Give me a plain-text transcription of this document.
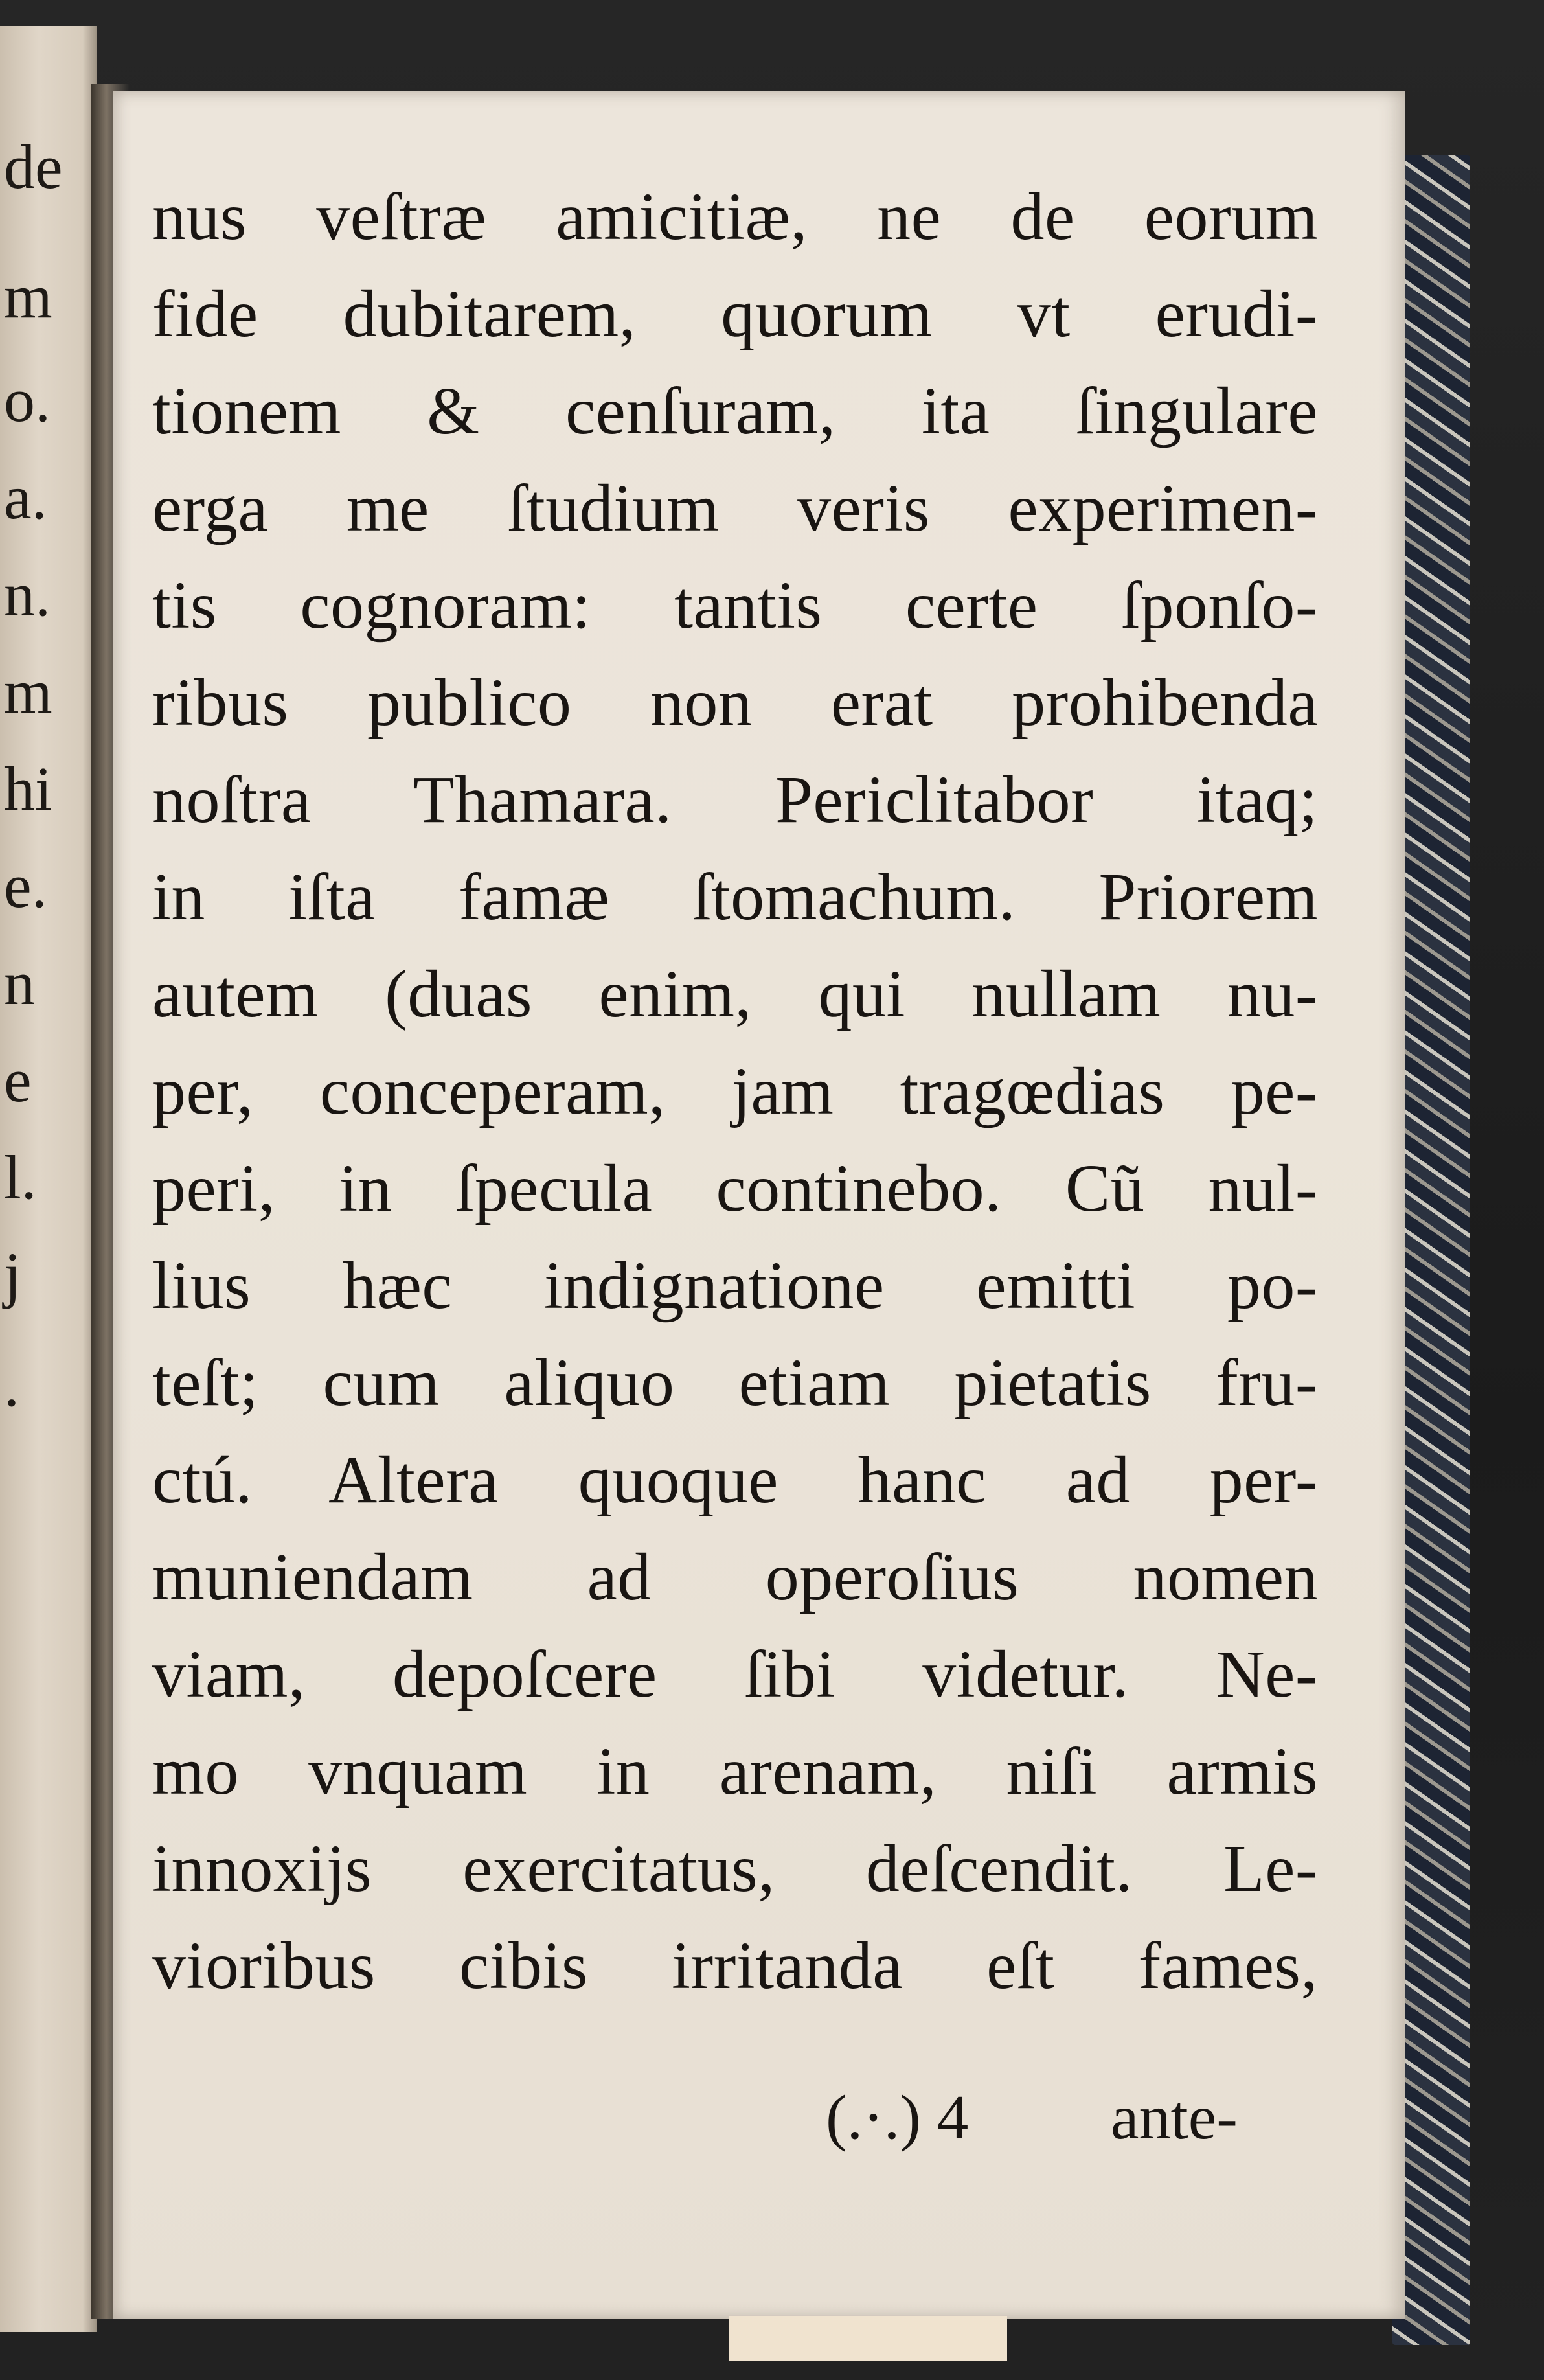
de
m
o.
a.
n.
m
hi
e.
n
e
l.
j
.
nus veſtræ amicitiæ, ne de eorum
fide dubitarem, quorum vt erudi-
tionem & cenſuram, ita ſingulare
erga me ſtudium veris experimen-
tis cognoram: tantis certe ſponſo-
ribus publico non erat prohibenda
noſtra Thamara. Periclitabor itaq;
in iſta famæ ſtomachum. Priorem
autem (duas enim, qui nullam nu-
per, conceperam, jam tragœdias pe-
peri, in ſpecula continebo. Cũ nul-
lius hæc indignatione emitti po-
teſt; cum aliquo etiam pietatis fru-
ctú. Altera quoque hanc ad per-
muniendam ad operoſius nomen
viam, depoſcere ſibi videtur. Ne-
mo vnquam in arenam, niſi armis
innoxijs exercitatus, deſcendit. Le-
vioribus cibis irritanda eſt fames,
(.·.) 4 ante-
